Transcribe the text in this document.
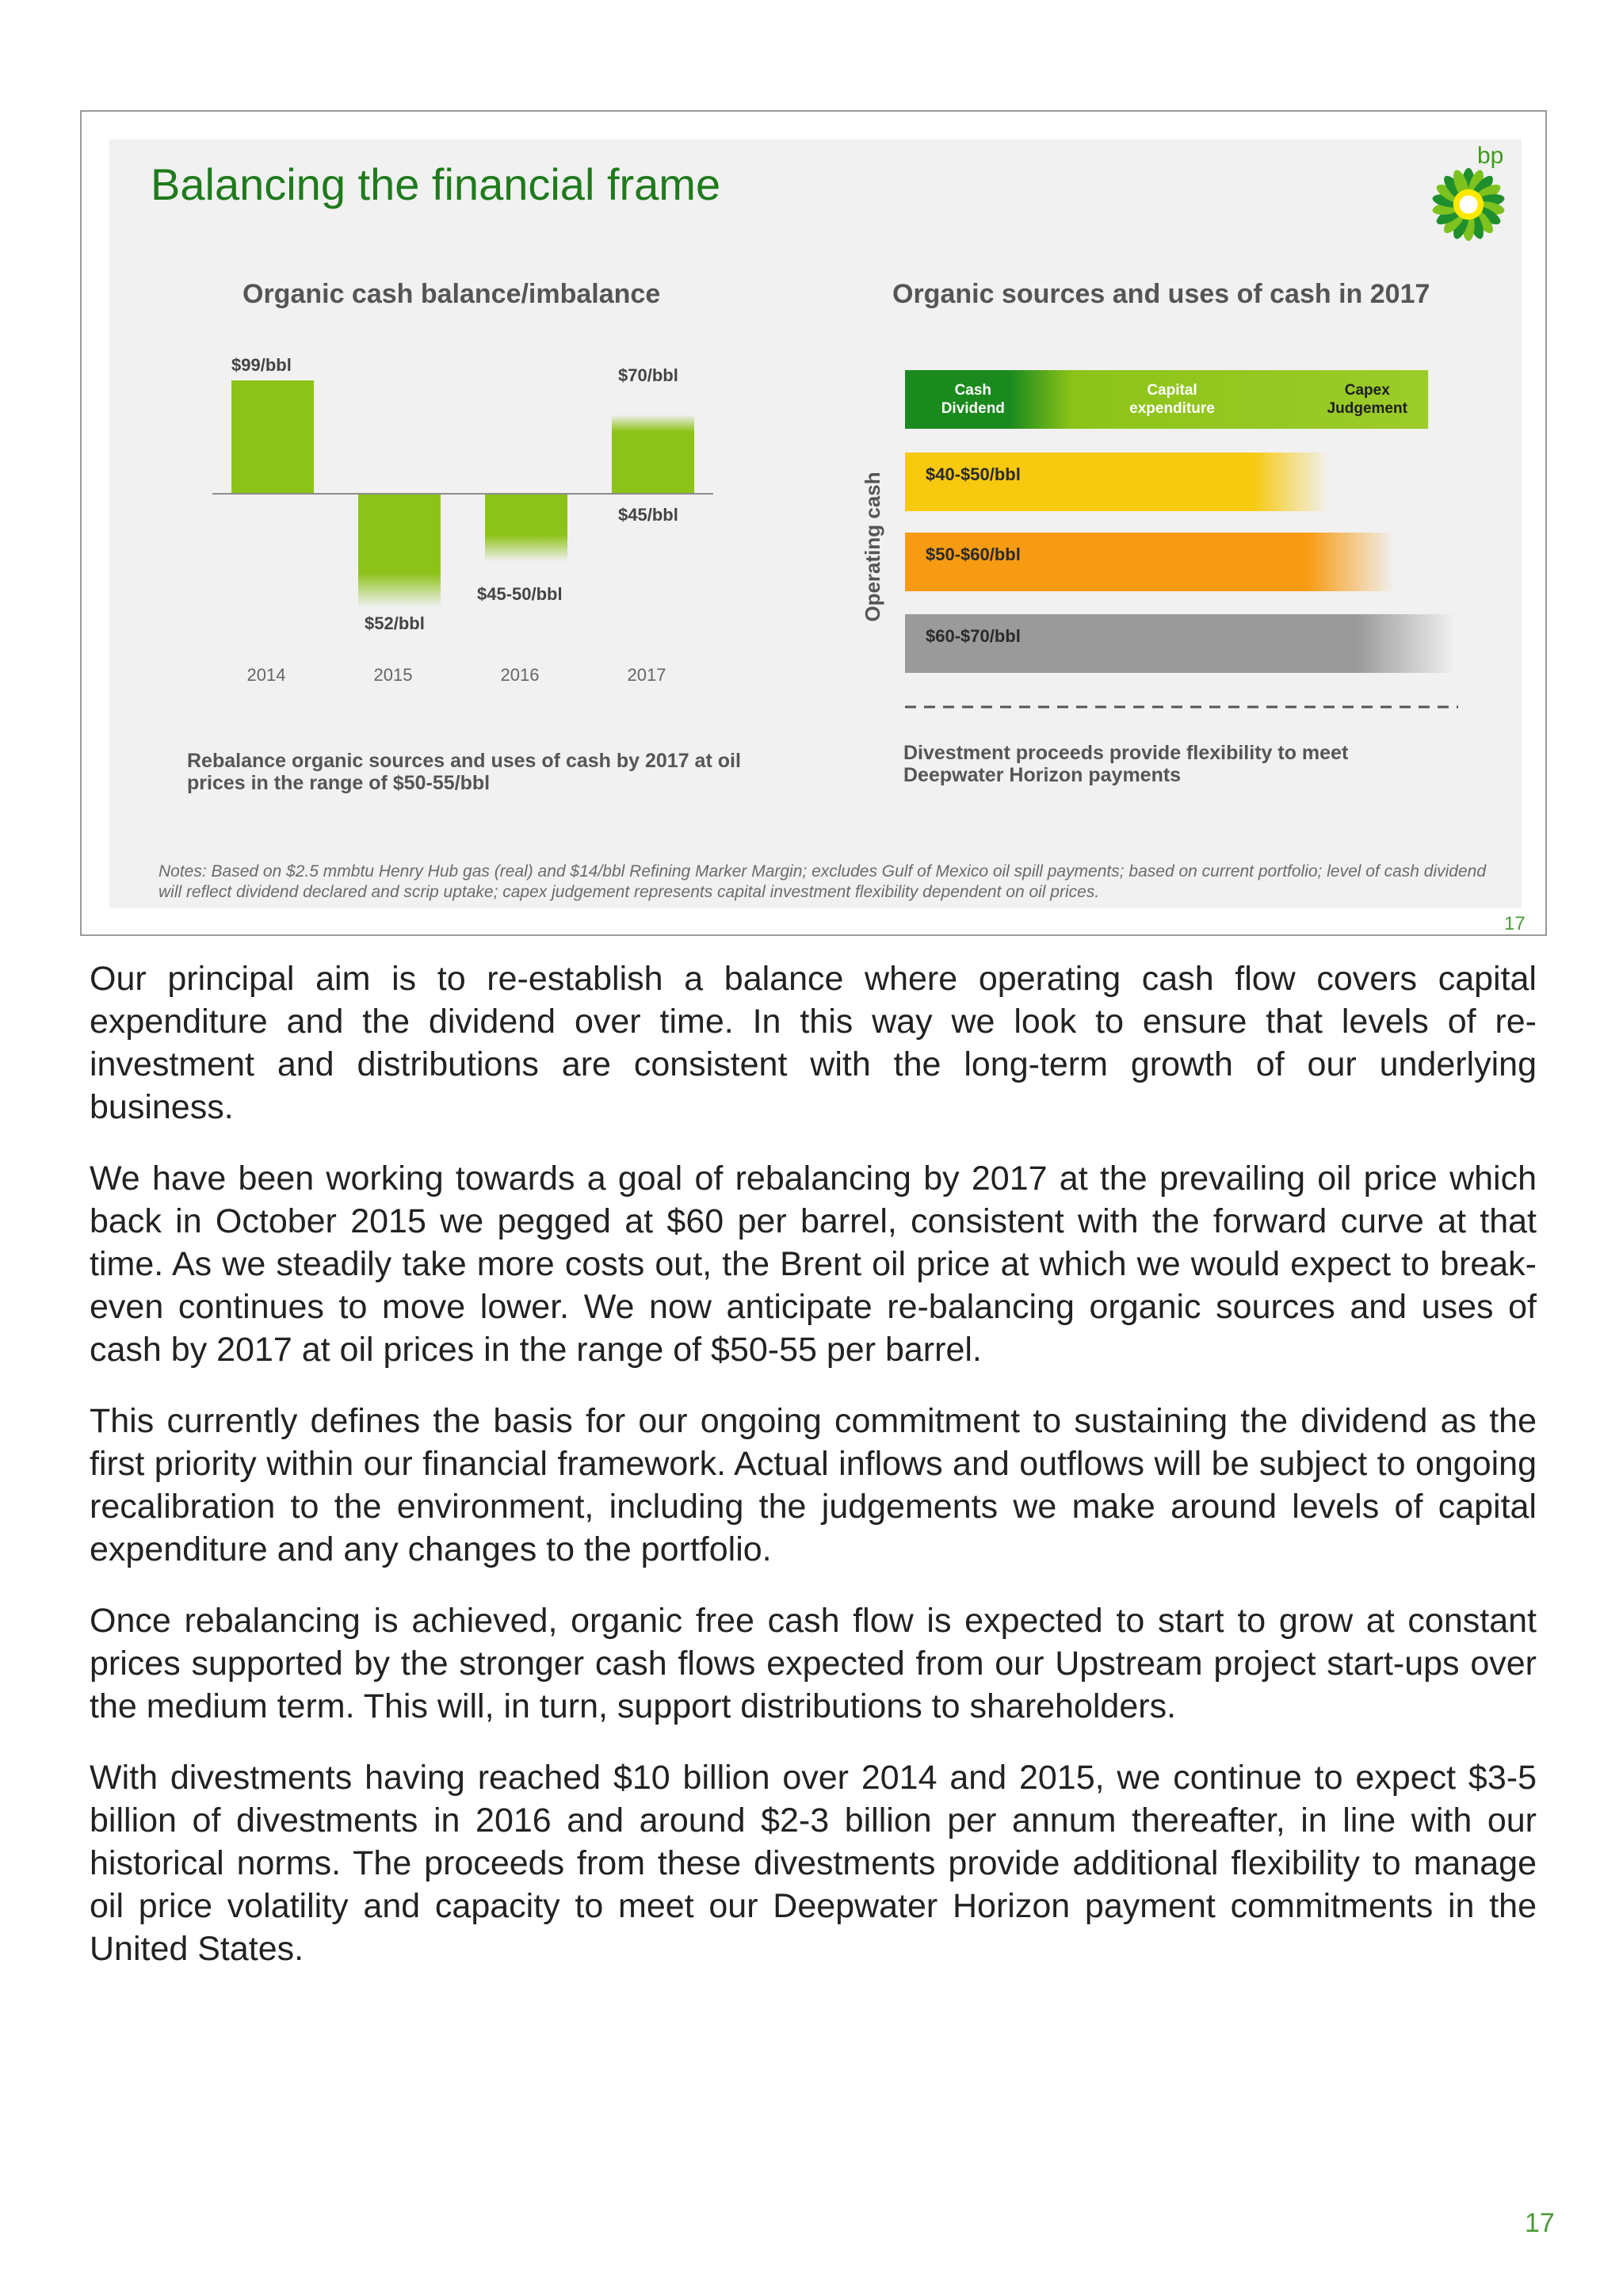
Balancing the financial frame
bp
Organic cash balance/imbalance	Organic sources and uses of cash in 2017
$99/bbl
$52/bbl
$45-50/bbl
$70/bbl
$45/bbl
2014	2015	2016	2017
Cash Dividend
Capital expenditure
Capex Judgement
$40-$50/bbl
$50-$60/bbl
$60-$70/bbl
Operating cash
Rebalance organic sources and uses of cash by 2017 at oil prices in the range of $50-55/bbl
Divestment proceeds provide flexibility to meet Deepwater Horizon payments
Notes: Based on $2.5 mmbtu Henry Hub gas (real) and $14/bbl Refining Marker Margin; excludes Gulf of Mexico oil spill payments; based on current portfolio; level of cash dividend will reflect dividend declared and scrip uptake; capex judgement represents capital investment flexibility dependent on oil prices.
17

Our principal aim is to re-establish a balance where operating cash flow covers capital expenditure and the dividend over time. In this way we look to ensure that levels of re-investment and distributions are consistent with the long-term growth of our underlying business.

We have been working towards a goal of rebalancing by 2017 at the prevailing oil price which back in October 2015 we pegged at $60 per barrel, consistent with the forward curve at that time. As we steadily take more costs out, the Brent oil price at which we would expect to break-even continues to move lower. We now anticipate re-balancing organic sources and uses of cash by 2017 at oil prices in the range of $50-55 per barrel.

This currently defines the basis for our ongoing commitment to sustaining the dividend as the first priority within our financial framework. Actual inflows and outflows will be subject to ongoing recalibration to the environment, including the judgements we make around levels of capital expenditure and any changes to the portfolio.

Once rebalancing is achieved, organic free cash flow is expected to start to grow at constant prices supported by the stronger cash flows expected from our Upstream project start-ups over the medium term. This will, in turn, support distributions to shareholders.

With divestments having reached $10 billion over 2014 and 2015, we continue to expect $3-5 billion of divestments in 2016 and around $2-3 billion per annum thereafter, in line with our historical norms. The proceeds from these divestments provide additional flexibility to manage oil price volatility and capacity to meet our Deepwater Horizon payment commitments in the United States.

17
